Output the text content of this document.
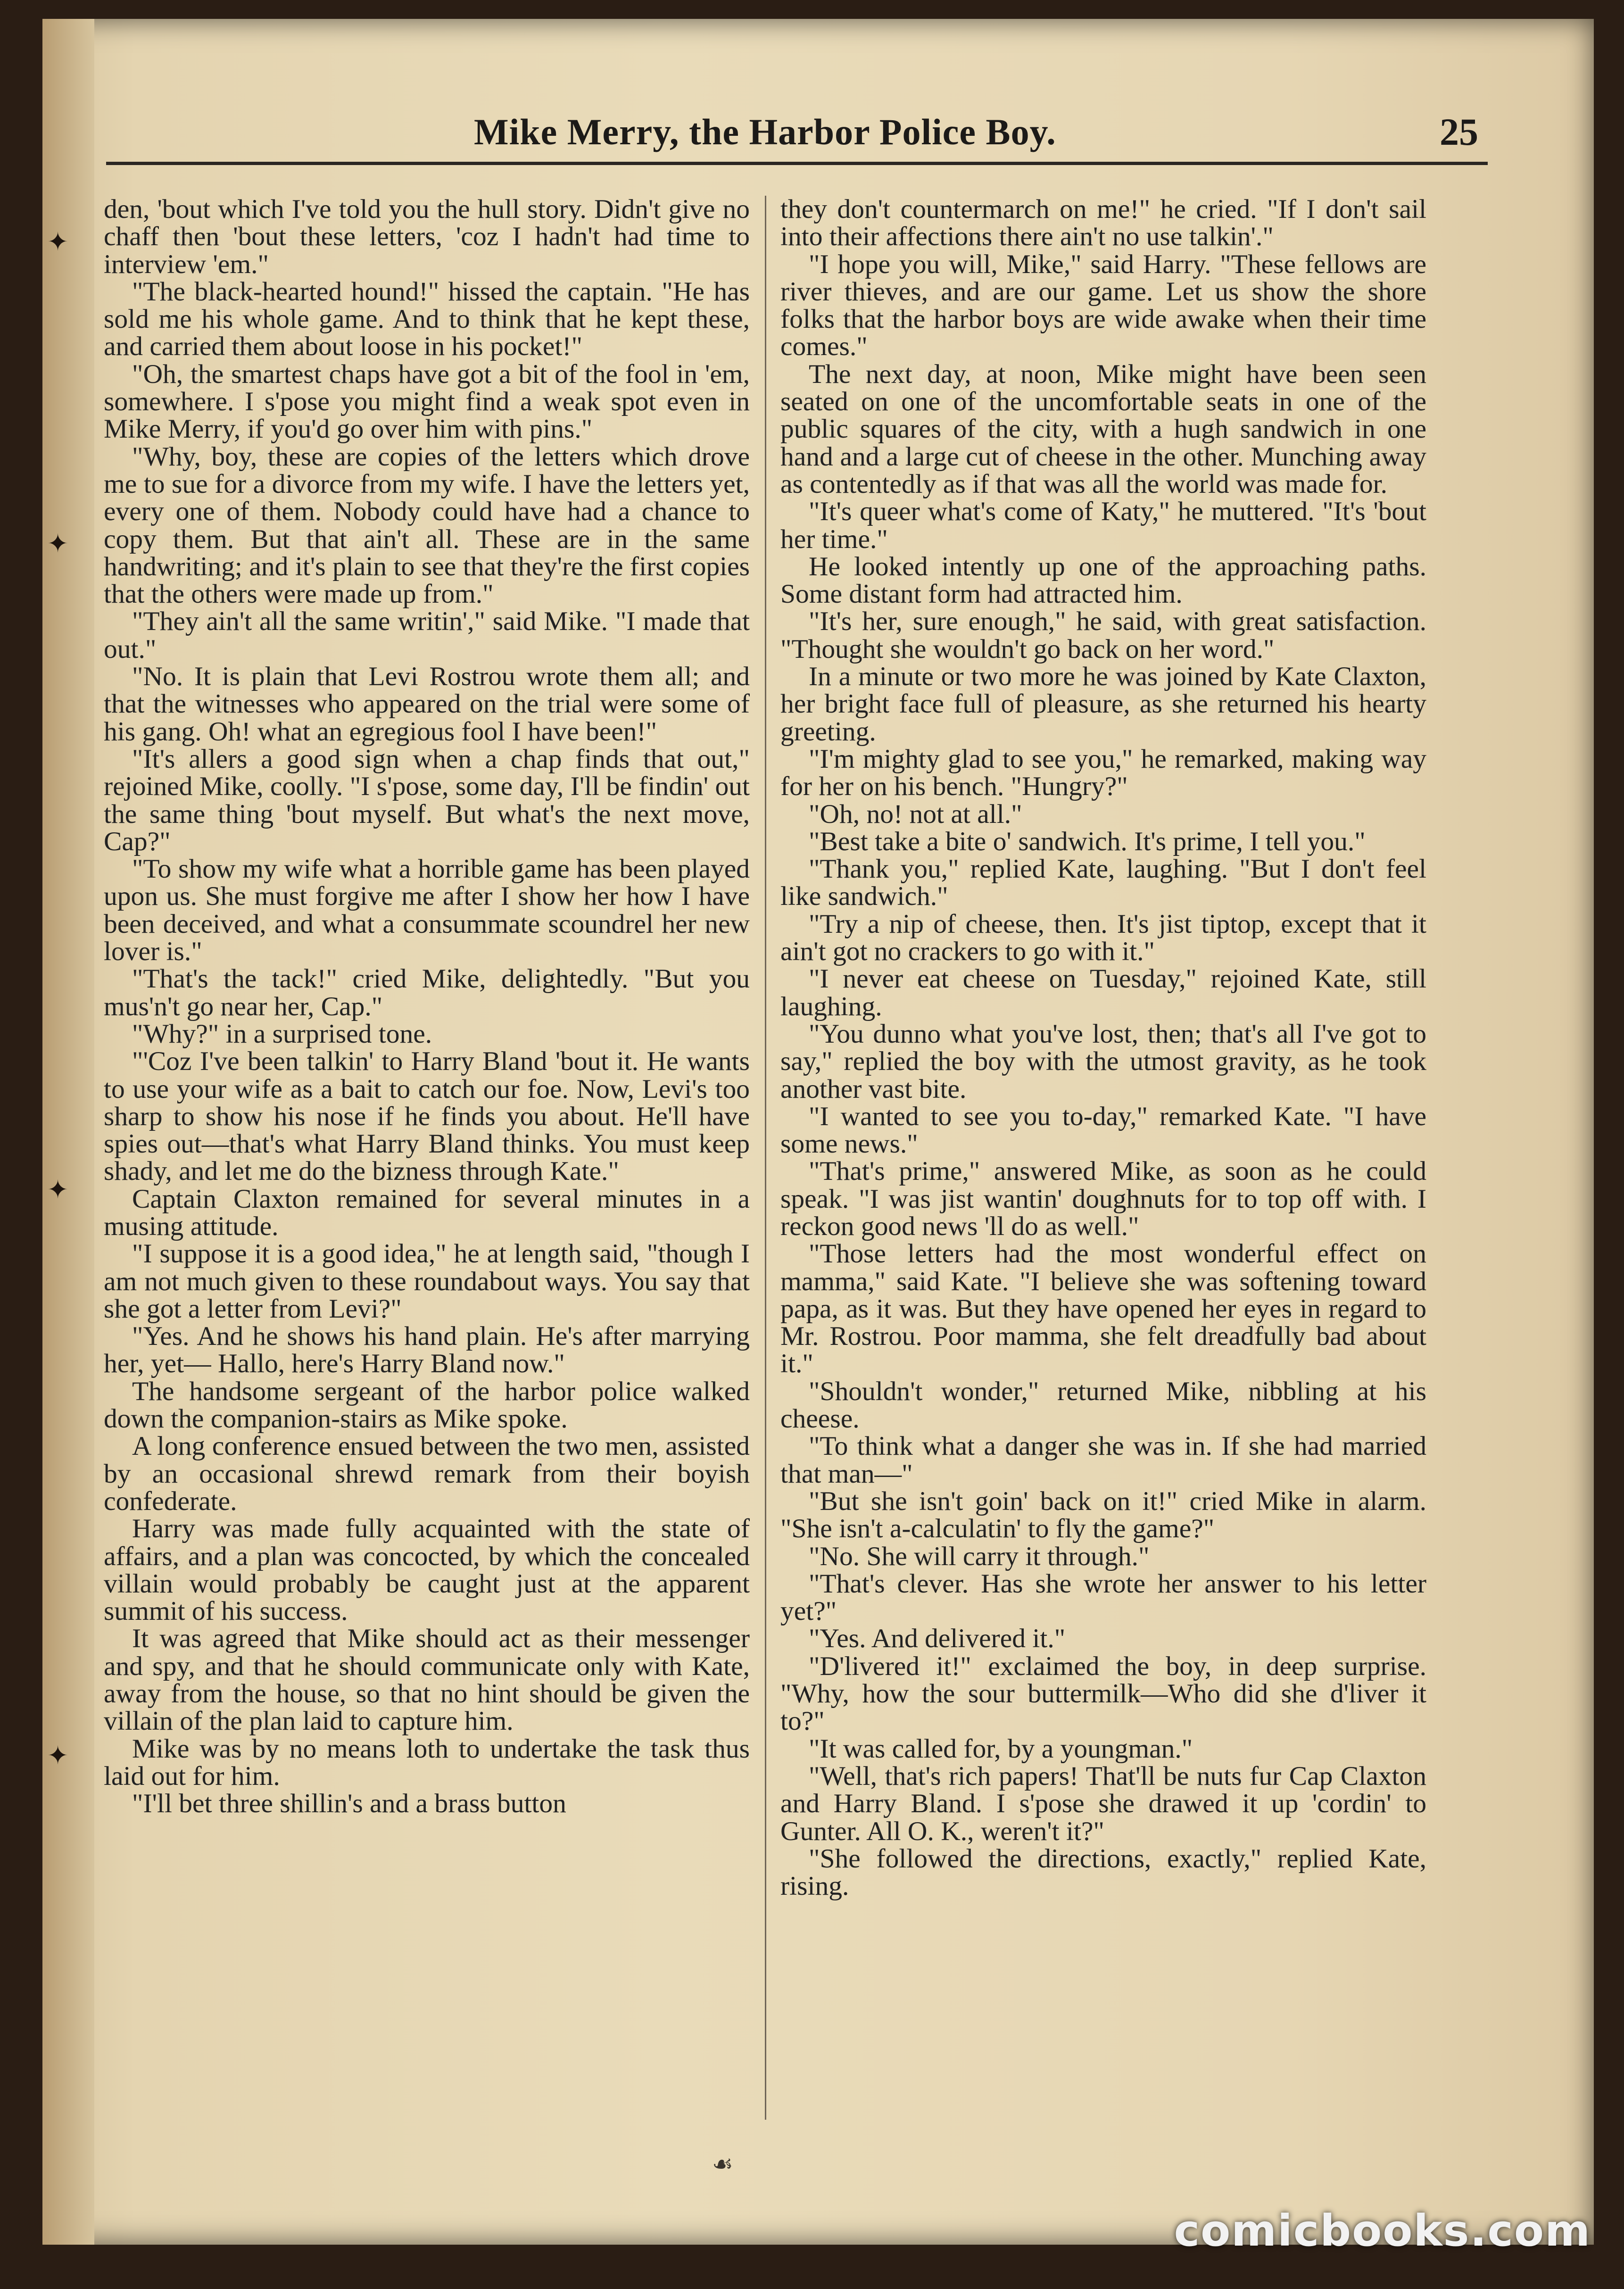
✦
✦
✦
✦
Mike Merry, the Harbor Police Boy.	25

den, 'bout which I've told you the hull story. Didn't give no chaff then 'bout these letters, 'coz I hadn't had time to interview 'em."

"The black-hearted hound!" hissed the captain. "He has sold me his whole game. And to think that he kept these, and carried them about loose in his pocket!"

"Oh, the smartest chaps have got a bit of the fool in 'em, somewhere. I s'pose you might find a weak spot even in Mike Merry, if you'd go over him with pins."

"Why, boy, these are copies of the letters which drove me to sue for a divorce from my wife. I have the letters yet, every one of them. Nobody could have had a chance to copy them. But that ain't all. These are in the same handwriting; and it's plain to see that they're the first copies that the others were made up from."

"They ain't all the same writin'," said Mike. "I made that out."

"No. It is plain that Levi Rostrou wrote them all; and that the witnesses who appeared on the trial were some of his gang. Oh! what an egregious fool I have been!"

"It's allers a good sign when a chap finds that out," rejoined Mike, coolly. "I s'pose, some day, I'll be findin' out the same thing 'bout myself. But what's the next move, Cap?"

"To show my wife what a horrible game has been played upon us. She must forgive me after I show her how I have been deceived, and what a consummate scoundrel her new lover is."

"That's the tack!" cried Mike, delightedly. "But you mus'n't go near her, Cap."

"Why?" in a surprised tone.

"'Coz I've been talkin' to Harry Bland 'bout it. He wants to use your wife as a bait to catch our foe. Now, Levi's too sharp to show his nose if he finds you about. He'll have spies out—that's what Harry Bland thinks. You must keep shady, and let me do the bizness through Kate."

Captain Claxton remained for several minutes in a musing attitude.

"I suppose it is a good idea," he at length said, "though I am not much given to these roundabout ways. You say that she got a letter from Levi?"

"Yes. And he shows his hand plain. He's after marrying her, yet— Hallo, here's Harry Bland now."

The handsome sergeant of the harbor police walked down the companion-stairs as Mike spoke.

A long conference ensued between the two men, assisted by an occasional shrewd remark from their boyish confederate.

Harry was made fully acquainted with the state of affairs, and a plan was concocted, by which the concealed villain would probably be caught just at the apparent summit of his success.

It was agreed that Mike should act as their messenger and spy, and that he should communicate only with Kate, away from the house, so that no hint should be given the villain of the plan laid to capture him.

Mike was by no means loth to undertake the task thus laid out for him.

"I'll bet three shillin's and a brass button

they don't countermarch on me!" he cried. "If I don't sail into their affections there ain't no use talkin'."

"I hope you will, Mike," said Harry. "These fellows are river thieves, and are our game. Let us show the shore folks that the harbor boys are wide awake when their time comes."

The next day, at noon, Mike might have been seen seated on one of the uncomfortable seats in one of the public squares of the city, with a hugh sandwich in one hand and a large cut of cheese in the other. Munching away as contentedly as if that was all the world was made for.

"It's queer what's come of Katy," he muttered. "It's 'bout her time."

He looked intently up one of the approaching paths. Some distant form had attracted him.

"It's her, sure enough," he said, with great satisfaction. "Thought she wouldn't go back on her word."

In a minute or two more he was joined by Kate Claxton, her bright face full of pleasure, as she returned his hearty greeting.

"I'm mighty glad to see you," he remarked, making way for her on his bench. "Hungry?"

"Oh, no! not at all."

"Best take a bite o' sandwich. It's prime, I tell you."

"Thank you," replied Kate, laughing. "But I don't feel like sandwich."

"Try a nip of cheese, then. It's jist tiptop, except that it ain't got no crackers to go with it."

"I never eat cheese on Tuesday," rejoined Kate, still laughing.

"You dunno what you've lost, then; that's all I've got to say," replied the boy with the utmost gravity, as he took another vast bite.

"I wanted to see you to-day," remarked Kate. "I have some news."

"That's prime," answered Mike, as soon as he could speak. "I was jist wantin' doughnuts for to top off with. I reckon good news 'll do as well."

"Those letters had the most wonderful effect on mamma," said Kate. "I believe she was softening toward papa, as it was. But they have opened her eyes in regard to Mr. Rostrou. Poor mamma, she felt dreadfully bad about it."

"Shouldn't wonder," returned Mike, nibbling at his cheese.

"To think what a danger she was in. If she had married that man—"

"But she isn't goin' back on it!" cried Mike in alarm. "She isn't a-calculatin' to fly the game?"

"No. She will carry it through."

"That's clever. Has she wrote her answer to his letter yet?"

"Yes. And delivered it."

"D'livered it!" exclaimed the boy, in deep surprise. "Why, how the sour buttermilk—Who did she d'liver it to?"

"It was called for, by a youngman."

"Well, that's rich papers! That'll be nuts fur Cap Claxton and Harry Bland. I s'pose she drawed it up 'cordin' to Gunter. All O. K., weren't it?"

"She followed the directions, exactly," replied Kate, rising.

☙
comicbooks.com
